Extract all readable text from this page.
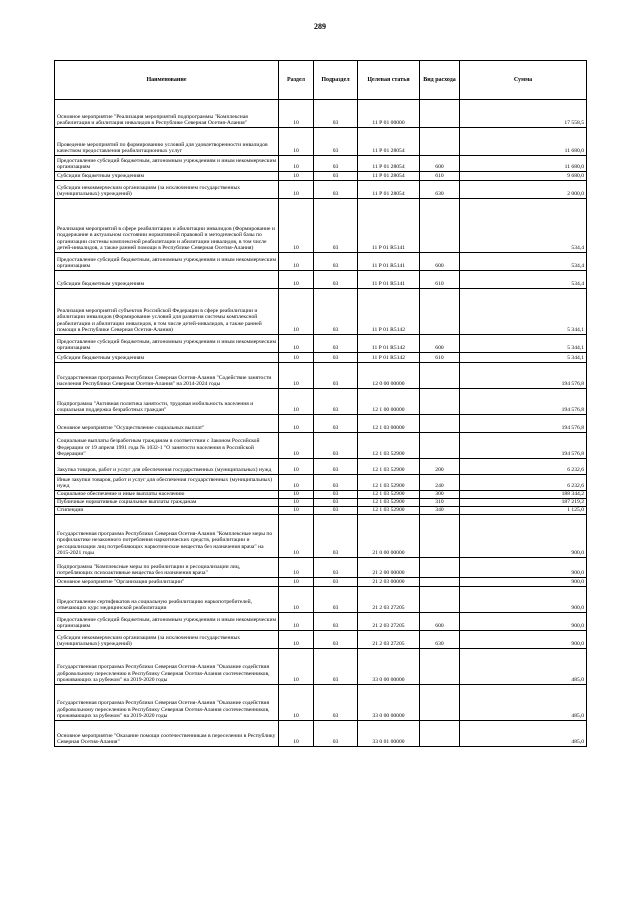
289
Наименование	Раздел	Подраздел	Целевая статья	Вид расхода	Сумма
Основное мероприятие "Реализация мероприятий подпрограммы "Комплексная реабилитация и абилитация инвалидов в Республике Северная Осетия-Алания"	10	03	11 Р 01 00000		17 558,5
Проведение мероприятий по формированию условий для удовлетворенности инвалидов качеством предоставления реабилитационных услуг	10	03	11 Р 01 28054		11 680,0
Предоставление субсидий бюджетным, автономным учреждениям и иным некоммерческим организациям	10	03	11 Р 01 28054	600	11 680,0
Субсидии бюджетным учреждениям	10	03	11 Р 01 28054	610	9 680,0
Субсидии некоммерческим организациям (за исключением государственных (муниципальных) учреждений)	10	03	11 Р 01 28054	630	2 000,0
Реализация мероприятий в сфере реабилитации и абилитации инвалидов (Формирование и поддержание в актуальном состоянии нормативной правовой и методической базы по организации системы комплексной реабилитации и абилитации инвалидов, в том числе детей-инвалидов, а также ранней помощи в Республике Северная Осетия-Алания)	10	03	11 Р 01 R5141		534,4
Предоставление субсидий бюджетным, автономным учреждениям и иным некоммерческим организациям	10	03	11 Р 01 R5141	600	534,4
Субсидии бюджетным учреждениям	10	03	11 Р 01 R5141	610	534,4
Реализация мероприятий субъектов Российской Федерации в сфере реабилитации и абилитации инвалидов (Формирование условий для развития системы комплексной реабилитации и абилитации инвалидов, в том числе детей-инвалидов, а также ранней помощи в Республике Северная Осетия-Алания)	10	03	11 Р 01 R5142		5 344,1
Предоставление субсидий бюджетным, автономным учреждениям и иным некоммерческим организациям	10	03	11 Р 01 R5142	600	5 344,1
Субсидии бюджетным учреждениям	10	03	11 Р 01 R5142	610	5 344,1
Государственная программа Республики Северная Осетия-Алания "Содействие занятости населения Республики Северная Осетия-Алания" на 2014-2024 годы	10	03	12 0 00 00000		194 576,8
Подпрограмма "Активная политика занятости, трудовая мобильность населения и социальная поддержка безработных граждан"	10	03	12 1 00 00000		194 576,8
Основное мероприятие "Осуществление социальных выплат"	10	03	12 1 03 00000		194 576,8
Социальные выплаты безработным гражданам в соответствии с Законом Российской Федерации от 19 апреля 1991 года № 1032-1 "О занятости населения в Российской Федерации"	10	03	12 1 03 52900		194 576,8
Закупка товаров, работ и услуг для обеспечения государственных (муниципальных) нужд	10	03	12 1 03 52900	200	6 232,6
Иные закупки товаров, работ и услуг для обеспечения государственных (муниципальных) нужд	10	03	12 1 03 52900	240	6 232,6
Социальное обеспечение и иные выплаты населению	10	03	12 1 03 52900	300	188 344,2
Публичные нормативные социальные выплаты гражданам	10	03	12 1 03 52900	310	187 219,2
Стипендии	10	03	12 1 03 52900	340	1 125,0
Государственная программа Республики Северная Осетия-Алания "Комплексные меры по профилактике незаконного потребления наркотических средств, реабилитации и ресоциализации лиц потребляющих наркотические вещества без назначения врача" на 2015-2021 годы	10	03	21 0 00 00000		900,0
Подпрограмма "Комплексные меры по реабилитации и ресоциализации лиц, потребляющих психоактивные вещества без назначения врача"	10	03	21 2 00 00000		900,0
Основное мероприятие "Организация реабилитации"	10	03	21 2 03 00000		900,0
Предоставление сертификатов на социальную реабилитацию наркопотребителей, отвечающих курс медицинской реабилитации	10	03	21 2 03 27205		900,0
Предоставление субсидий бюджетным, автономным учреждениям и иным некоммерческим организациям	10	03	21 2 03 27205	600	900,0
Субсидии некоммерческим организациям (за исключением государственных (муниципальных) учреждений)	10	03	21 2 03 27205	630	900,0
Государственная программа Республики Северная Осетия-Алания "Оказание содействия добровольному переселению в Республику Северная Осетия-Алания соотечественников, проживающих за рубежом" на 2019-2020 годы	10	03	33 0 00 00000		485,0
Государственная программа Республики Северная Осетия-Алания "Оказание содействия добровольному переселению в Республику Северная Осетия-Алания соотечественников, проживающих за рубежом" на 2019-2020 годы	10	03	33 0 00 00000		485,0
Основное мероприятие "Оказание помощи соотечественникам в переселении в Республику Северная Осетия-Алания"	10	03	33 0 01 00000		485,0
